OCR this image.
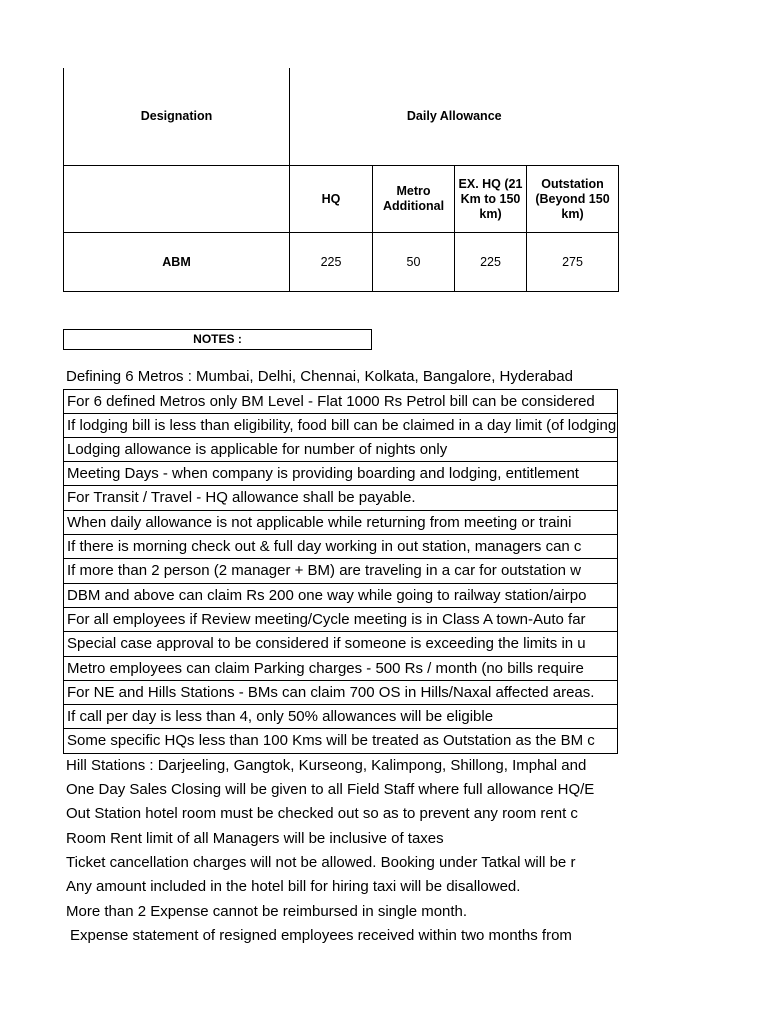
Designation	Daily Allowance			
	HQ	Metro Additional	EX. HQ (21 Km to 150 km)	Outstation (Beyond 150 km)
ABM	225	50	225	275
NOTES :
Defining 6 Metros : Mumbai, Delhi, Chennai, Kolkata, Bangalore, Hyderabad
For 6 defined Metros only BM Level - Flat 1000 Rs Petrol bill can be considered
If lodging bill is less than eligibility, food bill can be claimed in a day limit (of lodging
Lodging allowance is applicable for number of nights only
Meeting Days - when company is providing boarding and lodging, entitlement
For Transit / Travel - HQ allowance shall be payable.
When daily allowance is not applicable while returning from meeting or traini
If there is morning check out & full day working in out station, managers can c
If more than 2 person (2 manager + BM) are traveling in a car for outstation w
DBM and above can claim Rs 200 one way while going to railway station/airpo
For all employees if Review meeting/Cycle meeting is in Class A town-Auto far
Special case approval to be considered if someone is exceeding the limits in u
Metro employees can claim Parking charges - 500 Rs / month (no bills require
For NE and Hills Stations - BMs can claim 700 OS in Hills/Naxal affected areas.
If call per day is less than 4, only 50% allowances will be eligible
Some specific HQs less than 100 Kms will be treated as Outstation as the BM c
Hill Stations : Darjeeling, Gangtok, Kurseong, Kalimpong, Shillong, Imphal and
One Day Sales Closing will be given to all Field Staff where full allowance HQ/E
Out Station hotel room must be checked out so as to prevent any room rent c
Room Rent limit of all Managers will be inclusive of taxes
Ticket cancellation charges will not be allowed. Booking under Tatkal will be r
Any amount included in the hotel bill for hiring taxi will be disallowed.
More than 2 Expense cannot be reimbursed in single month.
Expense statement of resigned employees received within two months from
